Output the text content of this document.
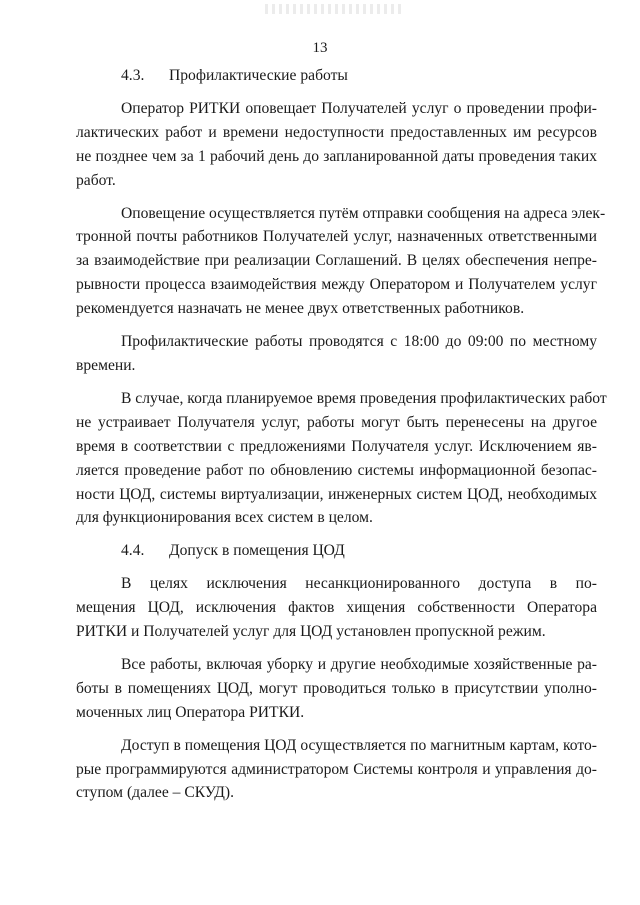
13
4.3.	Профилактические работы

Оператор РИТКИ оповещает Получателей услуг о проведении профи-
лактических работ и времени недоступности предоставленных им ресурсов
не позднее чем за 1 рабочий день до запланированной даты проведения таких
работ.

Оповещение осуществляется путём отправки сообщения на адреса элек-
тронной почты работников Получателей услуг, назначенных ответственными
за взаимодействие при реализации Соглашений. В целях обеспечения непре-
рывности процесса взаимодействия между Оператором и Получателем услуг
рекомендуется назначать не менее двух ответственных работников.

Профилактические работы проводятся с 18:00 до 09:00 по местному
времени.

В случае, когда планируемое время проведения профилактических работ
не устраивает Получателя услуг, работы могут быть перенесены на другое
время в соответствии с предложениями Получателя услуг. Исключением яв-
ляется проведение работ по обновлению системы информационной безопас-
ности ЦОД, системы виртуализации, инженерных систем ЦОД, необходимых
для функционирования всех систем в целом.

4.4.	Допуск в помещения ЦОД

В целях исключения несанкционированного доступа в по-
мещения ЦОД, исключения фактов хищения собственности Оператора
РИТКИ и Получателей услуг для ЦОД установлен пропускной режим.

Все работы, включая уборку и другие необходимые хозяйственные ра-
боты в помещениях ЦОД, могут проводиться только в присутствии уполно-
моченных лиц Оператора РИТКИ.

Доступ в помещения ЦОД осуществляется по магнитным картам, кото-
рые программируются администратором Системы контроля и управления до-
ступом (далее – СКУД).
